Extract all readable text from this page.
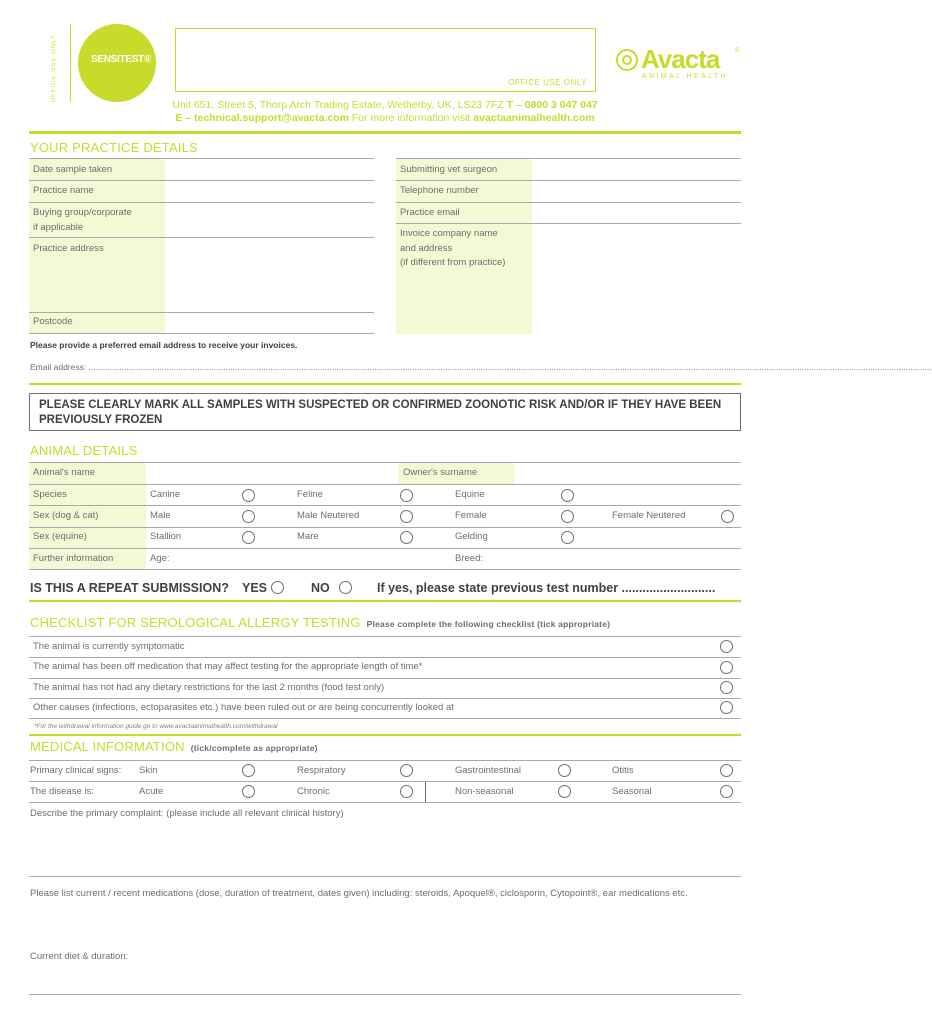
OFFICE USE ONLY	SENSITEST®
OFFICE USE ONLY
Avacta	®
ANIMAL HEALTH
Unit 651, Street 5, Thorp Arch Trading Estate, Wetherby, UK, LS23 7FZ T – 0800 3 047 047
E – technical.support@avacta.com For more information visit avactaanimalhealth.com
YOUR PRACTICE DETAILS
Date sample taken
Practice name
Buying group/corporate
if applicable
Practice address
Postcode
Submitting vet surgeon
Telephone number
Practice email
Invoice company name
and address
(if different from practice)
Please provide a preferred email address to receive your invoices.
Email address: .....................................................................................................................................................................................................................................................................................................................................................................
PLEASE CLEARLY MARK ALL SAMPLES WITH SUSPECTED OR CONFIRMED ZOONOTIC RISK AND/OR IF THEY HAVE BEEN PREVIOUSLY FROZEN
ANIMAL DETAILS
Animal's name	Owner's surname
Species	Canine	Feline	Equine
Sex (dog & cat)	Male	Male Neutered	Female	Female Neutered
Sex (equine)	Stallion	Mare	Gelding
Further information	Age:	Breed:
IS THIS A REPEAT SUBMISSION? YES	NO	If yes, please state previous test number ...........................
CHECKLIST FOR SEROLOGICAL ALLERGY TESTING Please complete the following checklist (tick appropriate)
The animal is currently symptomatic
The animal has been off medication that may affect testing for the appropriate length of time*
The animal has not had any dietary restrictions for the last 2 months (food test only)
Other causes (infections, ectoparasites etc.) have been ruled out or are being concurrently looked at
*For the withdrawal information guide go to www.avactaanimalhealth.com/withdrawal
MEDICAL INFORMATION (tick/complete as appropriate)
Primary clinical signs: Skin	Respiratory	Gastrointestinal	Otitis
The disease is:	Acute	Chronic	Non-seasonal	Seasonal
Describe the primary complaint: (please include all relevant clinical history)
Please list current / recent medications (dose, duration of treatment, dates given) including: steroids, Apoquel®, ciclosporin, Cytopoint®, ear medications etc.
Current diet & duration:
